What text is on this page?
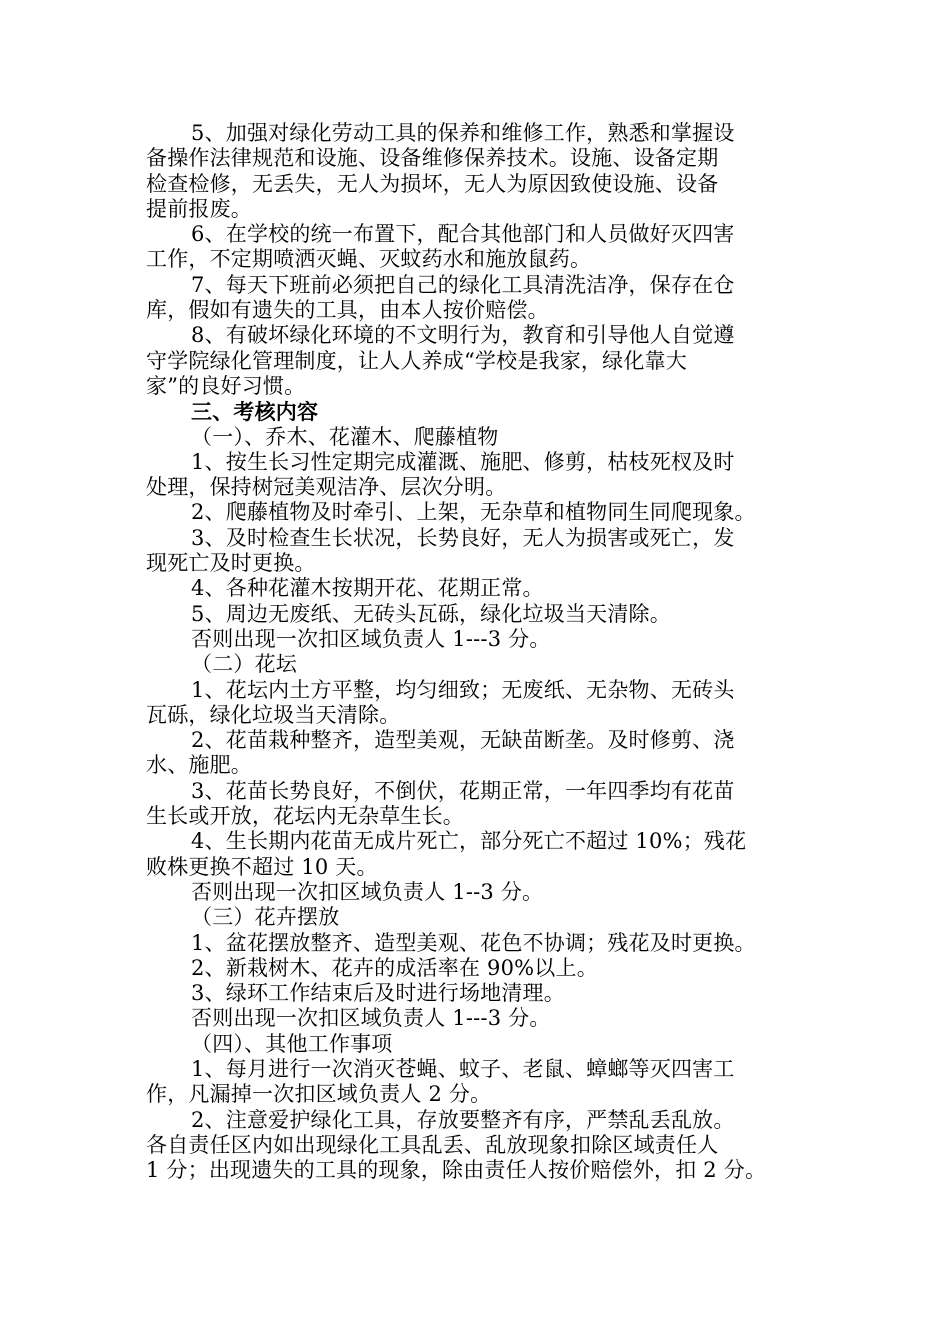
5、加强对绿化劳动工具的保养和维修工作，熟悉和掌握设
备操作法律规范和设施、设备维修保养技术。设施、设备定期
检查检修，无丢失，无人为损坏，无人为原因致使设施、设备
提前报废。
6、在学校的统一布置下，配合其他部门和人员做好灭四害
工作，不定期喷洒灭蝇、灭蚊药水和施放鼠药。
7、每天下班前必须把自己的绿化工具清洗洁净，保存在仓
库，假如有遗失的工具，由本人按价赔偿。
8、有破坏绿化环境的不文明行为，教育和引导他人自觉遵
守学院绿化管理制度，让人人养成“学校是我家，绿化靠大
家”的良好习惯。
三、考核内容
（一）、乔木、花灌木、爬藤植物
1、按生长习性定期完成灌溉、施肥、修剪，枯枝死杈及时
处理，保持树冠美观洁净、层次分明。
2、爬藤植物及时牵引、上架，无杂草和植物同生同爬现象。
3、及时检查生长状况，长势良好，无人为损害或死亡，发
现死亡及时更换。
4、各种花灌木按期开花、花期正常。
5、周边无废纸、无砖头瓦砾，绿化垃圾当天清除。
否则出现一次扣区域负责人 1---3 分。
（二）花坛
1、花坛内土方平整，均匀细致；无废纸、无杂物、无砖头
瓦砾，绿化垃圾当天清除。
2、花苗栽种整齐，造型美观，无缺苗断垄。及时修剪、浇
水、施肥。
3、花苗长势良好，不倒伏，花期正常，一年四季均有花苗
生长或开放，花坛内无杂草生长。
4、生长期内花苗无成片死亡，部分死亡不超过 10%；残花
败株更换不超过 10 天。
否则出现一次扣区域负责人 1--3 分。
（三）花卉摆放
1、盆花摆放整齐、造型美观、花色不协调；残花及时更换。
2、新栽树木、花卉的成活率在 90%以上。
3、绿环工作结束后及时进行场地清理。
否则出现一次扣区域负责人 1---3 分。
（四）、其他工作事项
1、每月进行一次消灭苍蝇、蚊子、老鼠、蟑螂等灭四害工
作，凡漏掉一次扣区域负责人 2 分。
2、注意爱护绿化工具，存放要整齐有序，严禁乱丢乱放。
各自责任区内如出现绿化工具乱丢、乱放现象扣除区域责任人
1 分；出现遗失的工具的现象，除由责任人按价赔偿外，扣 2 分。
